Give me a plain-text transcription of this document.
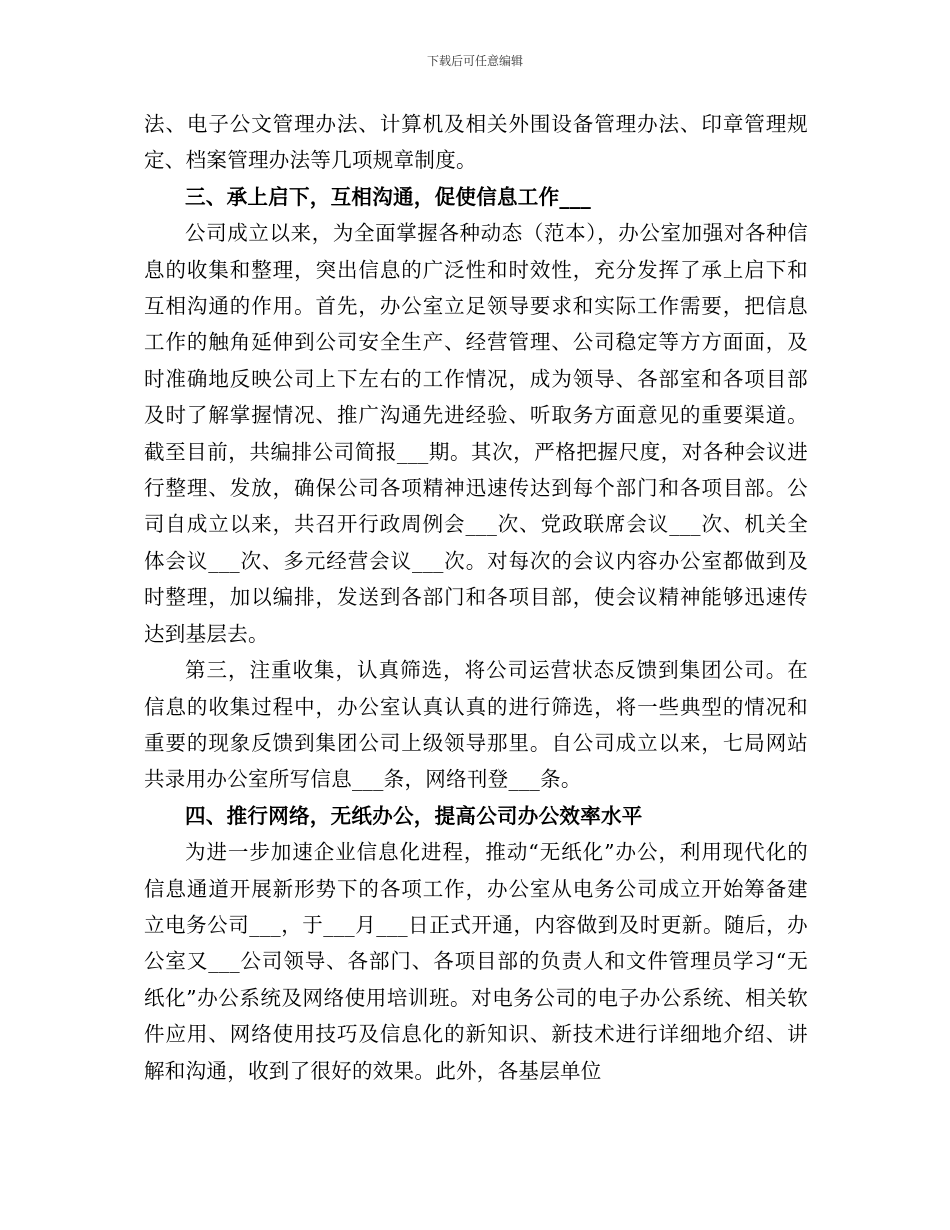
下载后可任意编辑

法、电子公文管理办法、计算机及相关外围设备管理办法、印章管理规定、档案管理办法等几项规章制度。

三、承上启下，互相沟通，促使信息工作___

公司成立以来，为全面掌握各种动态（范本），办公室加强对各种信息的收集和整理，突出信息的广泛性和时效性，充分发挥了承上启下和互相沟通的作用。首先，办公室立足领导要求和实际工作需要，把信息工作的触角延伸到公司安全生产、经营管理、公司稳定等方方面面，及时准确地反映公司上下左右的工作情况，成为领导、各部室和各项目部及时了解掌握情况、推广沟通先进经验、听取务方面意见的重要渠道。截至目前，共编排公司简报___期。其次，严格把握尺度，对各种会议进行整理、发放，确保公司各项精神迅速传达到每个部门和各项目部。公司自成立以来，共召开行政周例会___次、党政联席会议___次、机关全体会议___次、多元经营会议___次。对每次的会议内容办公室都做到及时整理，加以编排，发送到各部门和各项目部，使会议精神能够迅速传达到基层去。

第三，注重收集，认真筛选，将公司运营状态反馈到集团公司。在信息的收集过程中，办公室认真认真的进行筛选，将一些典型的情况和重要的现象反馈到集团公司上级领导那里。自公司成立以来，七局网站共录用办公室所写信息___条，网络刊登___条。

四、推行网络，无纸办公，提高公司办公效率水平

为进一步加速企业信息化进程，推动“无纸化”办公，利用现代化的信息通道开展新形势下的各项工作，办公室从电务公司成立开始筹备建立电务公司___，于___月___日正式开通，内容做到及时更新。随后，办公室又___公司领导、各部门、各项目部的负责人和文件管理员学习“无纸化”办公系统及网络使用培训班。对电务公司的电子办公系统、相关软件应用、网络使用技巧及信息化的新知识、新技术进行详细地介绍、讲解和沟通，收到了很好的效果。此外，各基层单位
